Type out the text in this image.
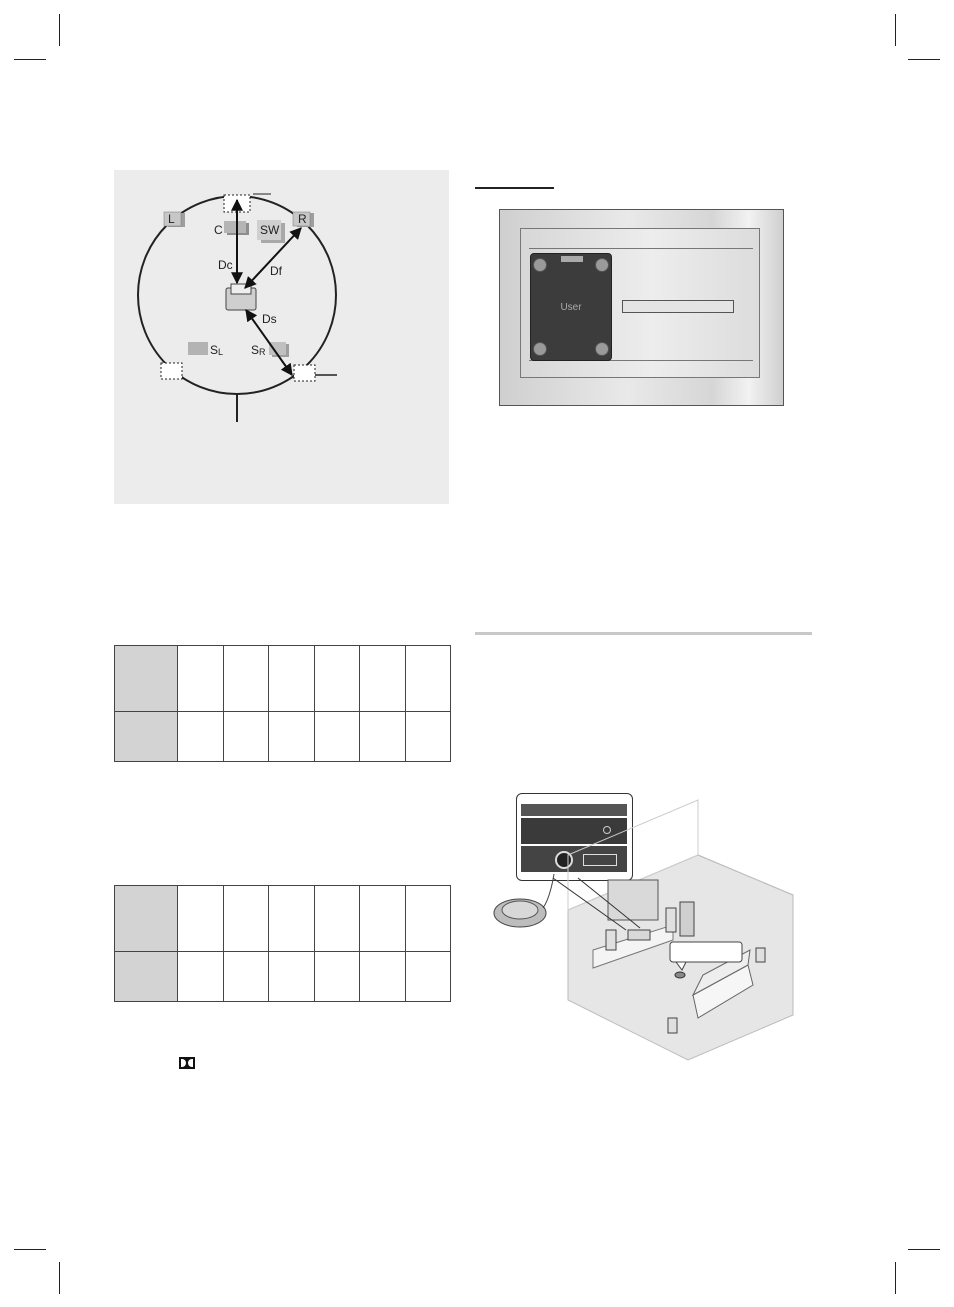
L	R
C	SW
S L S R
Dc	Df
Ds

User
